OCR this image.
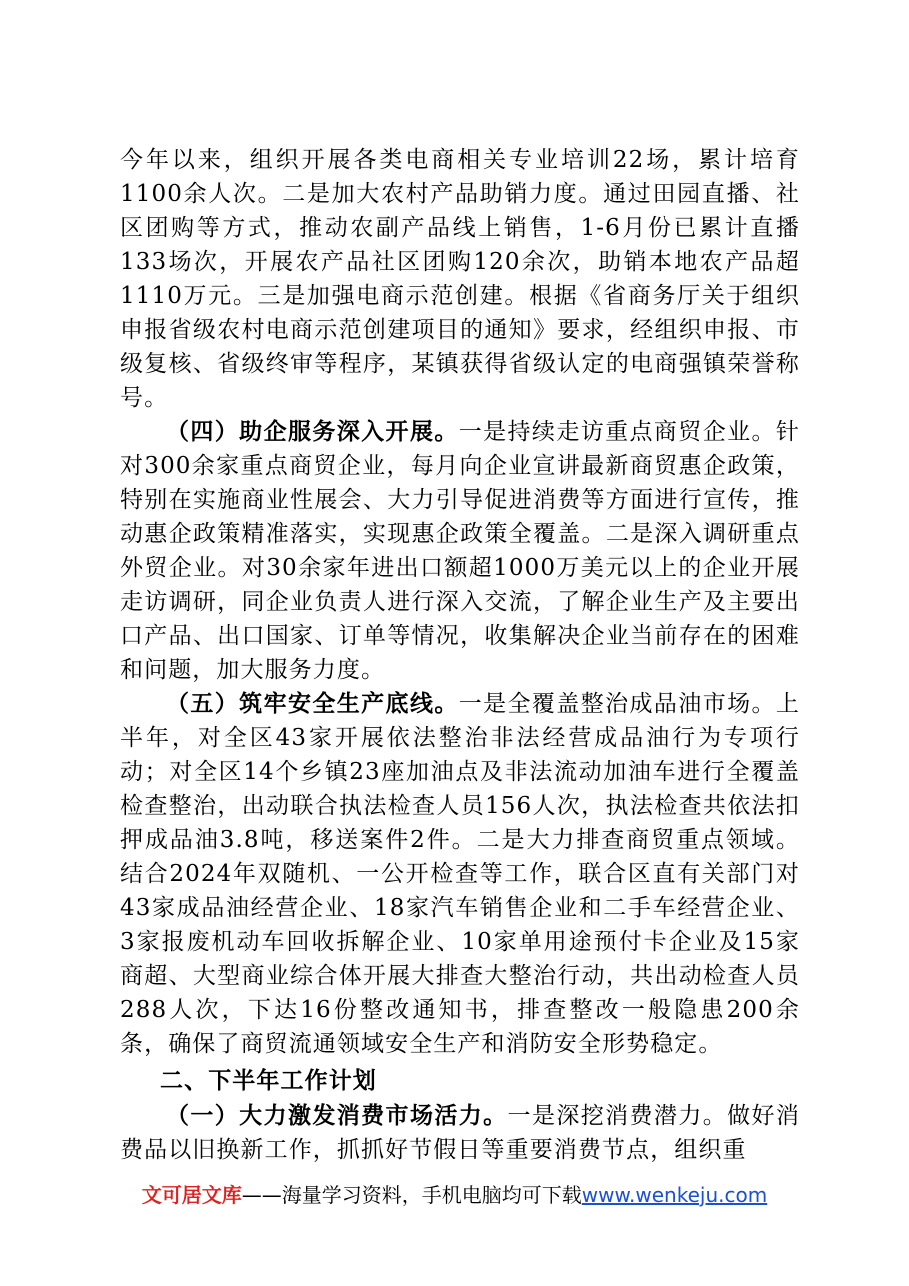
今年以来，组织开展各类电商相关专业培训22场，累计培育1100余人次。二是加大农村产品助销力度。通过田园直播、社区团购等方式，推动农副产品线上销售，1-6月份已累计直播133场次，开展农产品社区团购120余次，助销本地农产品超1110万元。三是加强电商示范创建。根据《省商务厅关于组织申报省级农村电商示范创建项目的通知》要求，经组织申报、市级复核、省级终审等程序，某镇获得省级认定的电商强镇荣誉称号。

（四）助企服务深入开展。一是持续走访重点商贸企业。针对300余家重点商贸企业，每月向企业宣讲最新商贸惠企政策，特别在实施商业性展会、大力引导促进消费等方面进行宣传，推动惠企政策精准落实，实现惠企政策全覆盖。二是深入调研重点外贸企业。对30余家年进出口额超1000万美元以上的企业开展走访调研，同企业负责人进行深入交流，了解企业生产及主要出口产品、出口国家、订单等情况，收集解决企业当前存在的困难和问题，加大服务力度。

（五）筑牢安全生产底线。一是全覆盖整治成品油市场。上半年，对全区43家开展依法整治非法经营成品油行为专项行动；对全区14个乡镇23座加油点及非法流动加油车进行全覆盖检查整治，出动联合执法检查人员156人次，执法检查共依法扣押成品油3.8吨，移送案件2件。二是大力排查商贸重点领域。结合2024年双随机、一公开检查等工作，联合区直有关部门对43家成品油经营企业、18家汽车销售企业和二手车经营企业、3家报废机动车回收拆解企业、10家单用途预付卡企业及15家商超、大型商业综合体开展大排查大整治行动，共出动检查人员288人次，下达16份整改通知书，排查整改一般隐患200余条，确保了商贸流通领域安全生产和消防安全形势稳定。

二、下半年工作计划

（一）大力激发消费市场活力。一是深挖消费潜力。做好消费品以旧换新工作，抓抓好节假日等重要消费节点，组织重

文可居文库——海量学习资料，手机电脑均可下载www.wenkeju.com
